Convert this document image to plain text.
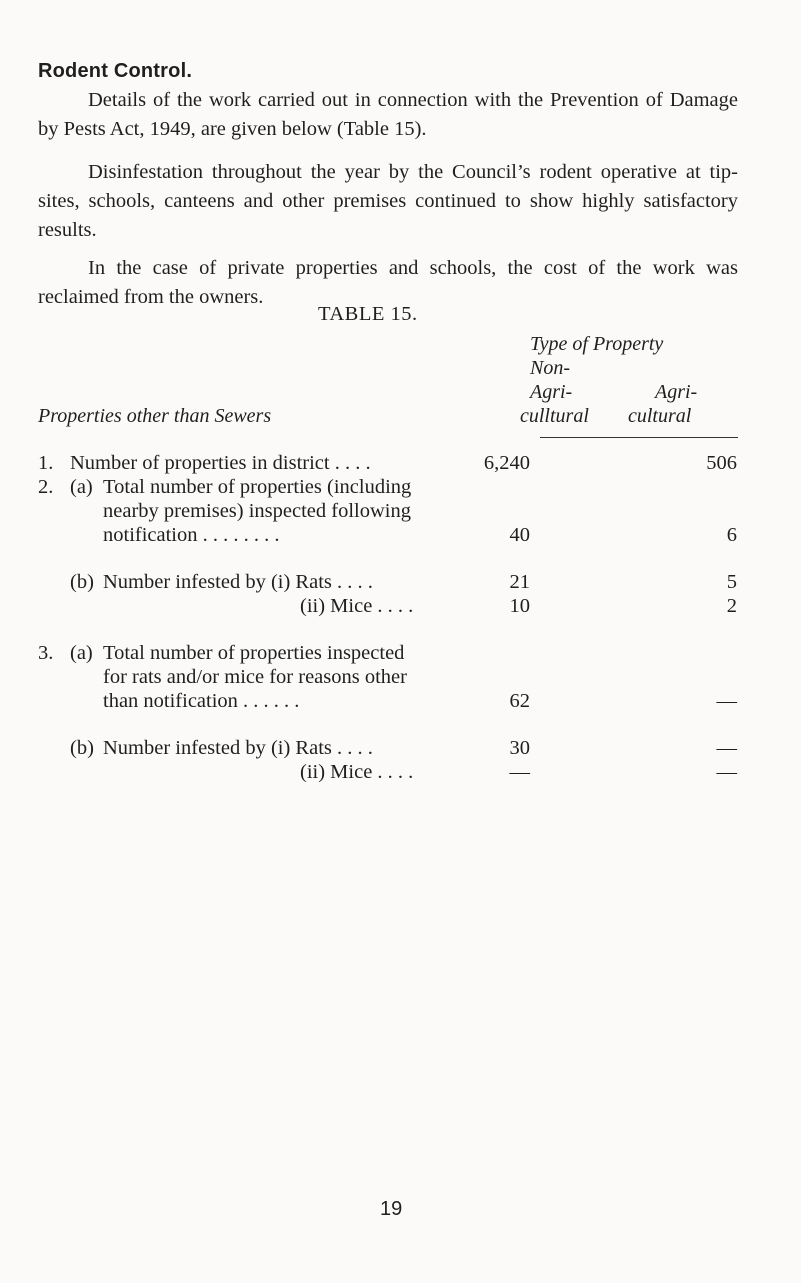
Rodent Control.

Details of the work carried out in connection with the Prevention of Damage by Pests Act, 1949, are given below (Table 15).

Disinfestation throughout the year by the Council’s rodent operative at tip-sites, schools, canteens and other premises continued to show highly satisfactory results.

In the case of private properties and schools, the cost of the work was reclaimed from the owners.

TABLE 15.
Type of Property
Non-
Agri-	Agri-
Properties other than Sewers	culltural cultural
1. Number of properties in district . . . .	6,240	506
2. (a) Total number of properties (including
nearby premises) inspected following
notification . . . . . . . .	40	6
(b) Number infested by (i) Rats . . . .	21	5
(ii) Mice . . . .	10	2
3. (a) Total number of properties inspected
for rats and/or mice for reasons other
than notification . . . . . .	62	—
(b) Number infested by (i) Rats . . . .	30	—
(ii) Mice . . . .	—	—
19
